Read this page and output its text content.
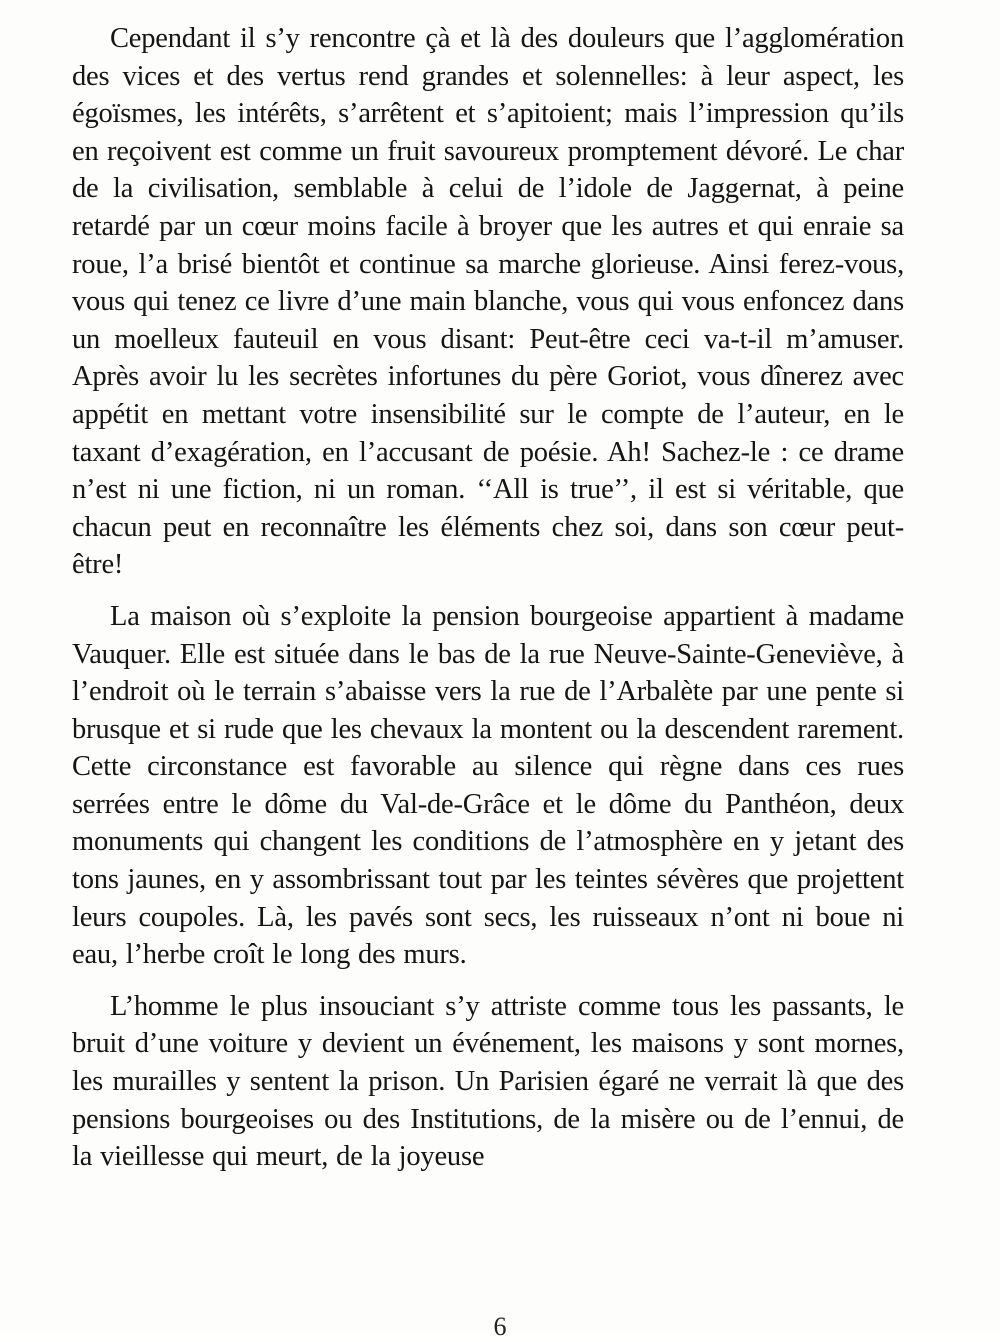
Cependant il s’y rencontre çà et là des douleurs que l’agglomération des vices et des vertus rend grandes et solennelles: à leur aspect, les égoïsmes, les intérêts, s’arrêtent et s’apitoient; mais l’impression qu’ils en reçoivent est comme un fruit savoureux promptement dévoré. Le char de la civilisation, semblable à celui de l’idole de Jaggernat, à peine retardé par un cœur moins facile à broyer que les autres et qui enraie sa roue, l’a brisé bientôt et continue sa marche glorieuse. Ainsi ferez-vous, vous qui tenez ce livre d’une main blanche, vous qui vous enfoncez dans un moelleux fauteuil en vous disant: Peut-être ceci va-t-il m’amuser. Après avoir lu les secrètes infortunes du père Goriot, vous dînerez avec appétit en mettant votre insensibilité sur le compte de l’auteur, en le taxant d’exagération, en l’accusant de poésie. Ah! Sachez-le : ce drame n’est ni une fiction, ni un roman. ‘‘All is true’’, il est si véritable, que chacun peut en reconnaître les éléments chez soi, dans son cœur peut-être!

La maison où s’exploite la pension bourgeoise appartient à madame Vauquer. Elle est située dans le bas de la rue Neuve-Sainte-Geneviève, à l’endroit où le terrain s’abaisse vers la rue de l’Arbalète par une pente si brusque et si rude que les chevaux la montent ou la descendent rarement. Cette circonstance est favorable au silence qui règne dans ces rues serrées entre le dôme du Val-de-Grâce et le dôme du Panthéon, deux monuments qui changent les conditions de l’atmosphère en y jetant des tons jaunes, en y assombrissant tout par les teintes sévères que projettent leurs coupoles. Là, les pavés sont secs, les ruisseaux n’ont ni boue ni eau, l’herbe croît le long des murs.

L’homme le plus insouciant s’y attriste comme tous les passants, le bruit d’une voiture y devient un événement, les maisons y sont mornes, les murailles y sentent la prison. Un Parisien égaré ne verrait là que des pensions bourgeoises ou des Institutions, de la misère ou de l’ennui, de la vieillesse qui meurt, de la joyeuse

6
